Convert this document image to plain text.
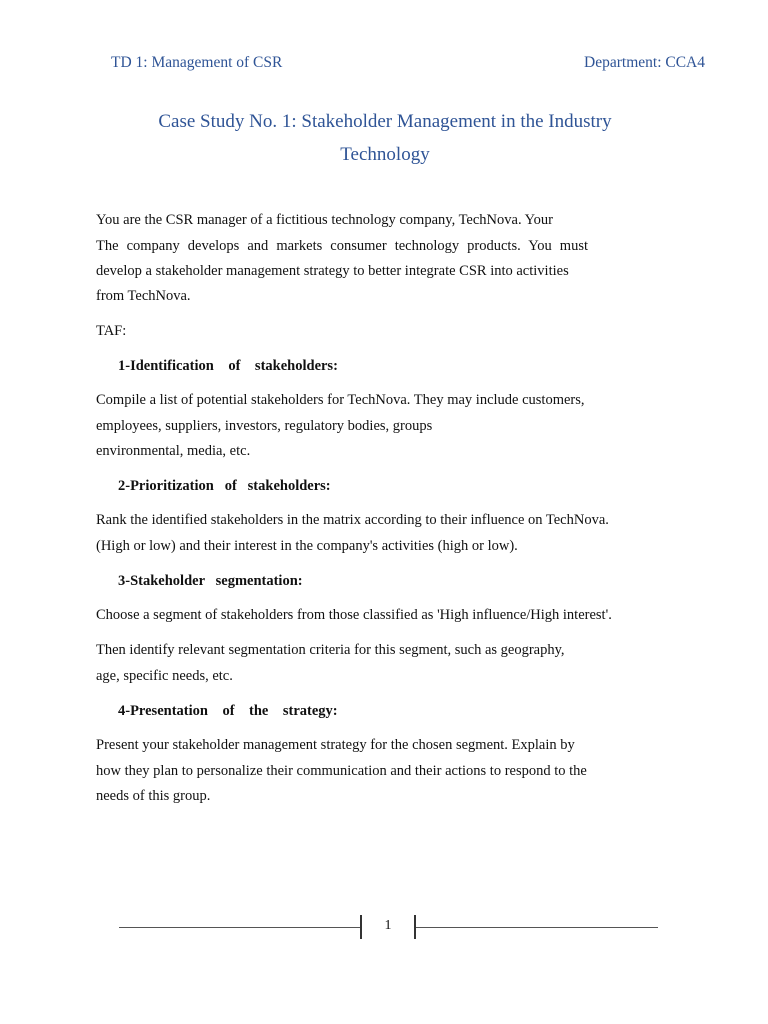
TD 1: Management of CSR	Department: CCA4
Case Study No. 1: Stakeholder Management in the Industry
Technology
You are the CSR manager of a fictitious technology company, TechNova. Your
The company develops and markets consumer technology products. You must
develop a stakeholder management strategy to better integrate CSR into activities
from TechNova.
TAF:
1-Identification    of    stakeholders:
Compile a list of potential stakeholders for TechNova. They may include customers,
employees, suppliers, investors, regulatory bodies, groups
environmental, media, etc.
2-Prioritization   of   stakeholders:
Rank the identified stakeholders in the matrix according to their influence on TechNova.
(High or low) and their interest in the company's activities (high or low).
3-Stakeholder   segmentation:
Choose a segment of stakeholders from those classified as 'High influence/High interest'.
Then identify relevant segmentation criteria for this segment, such as geography,
age, specific needs, etc.
4-Presentation    of    the    strategy:
Present your stakeholder management strategy for the chosen segment. Explain by
how they plan to personalize their communication and their actions to respond to the
needs of this group.
1
